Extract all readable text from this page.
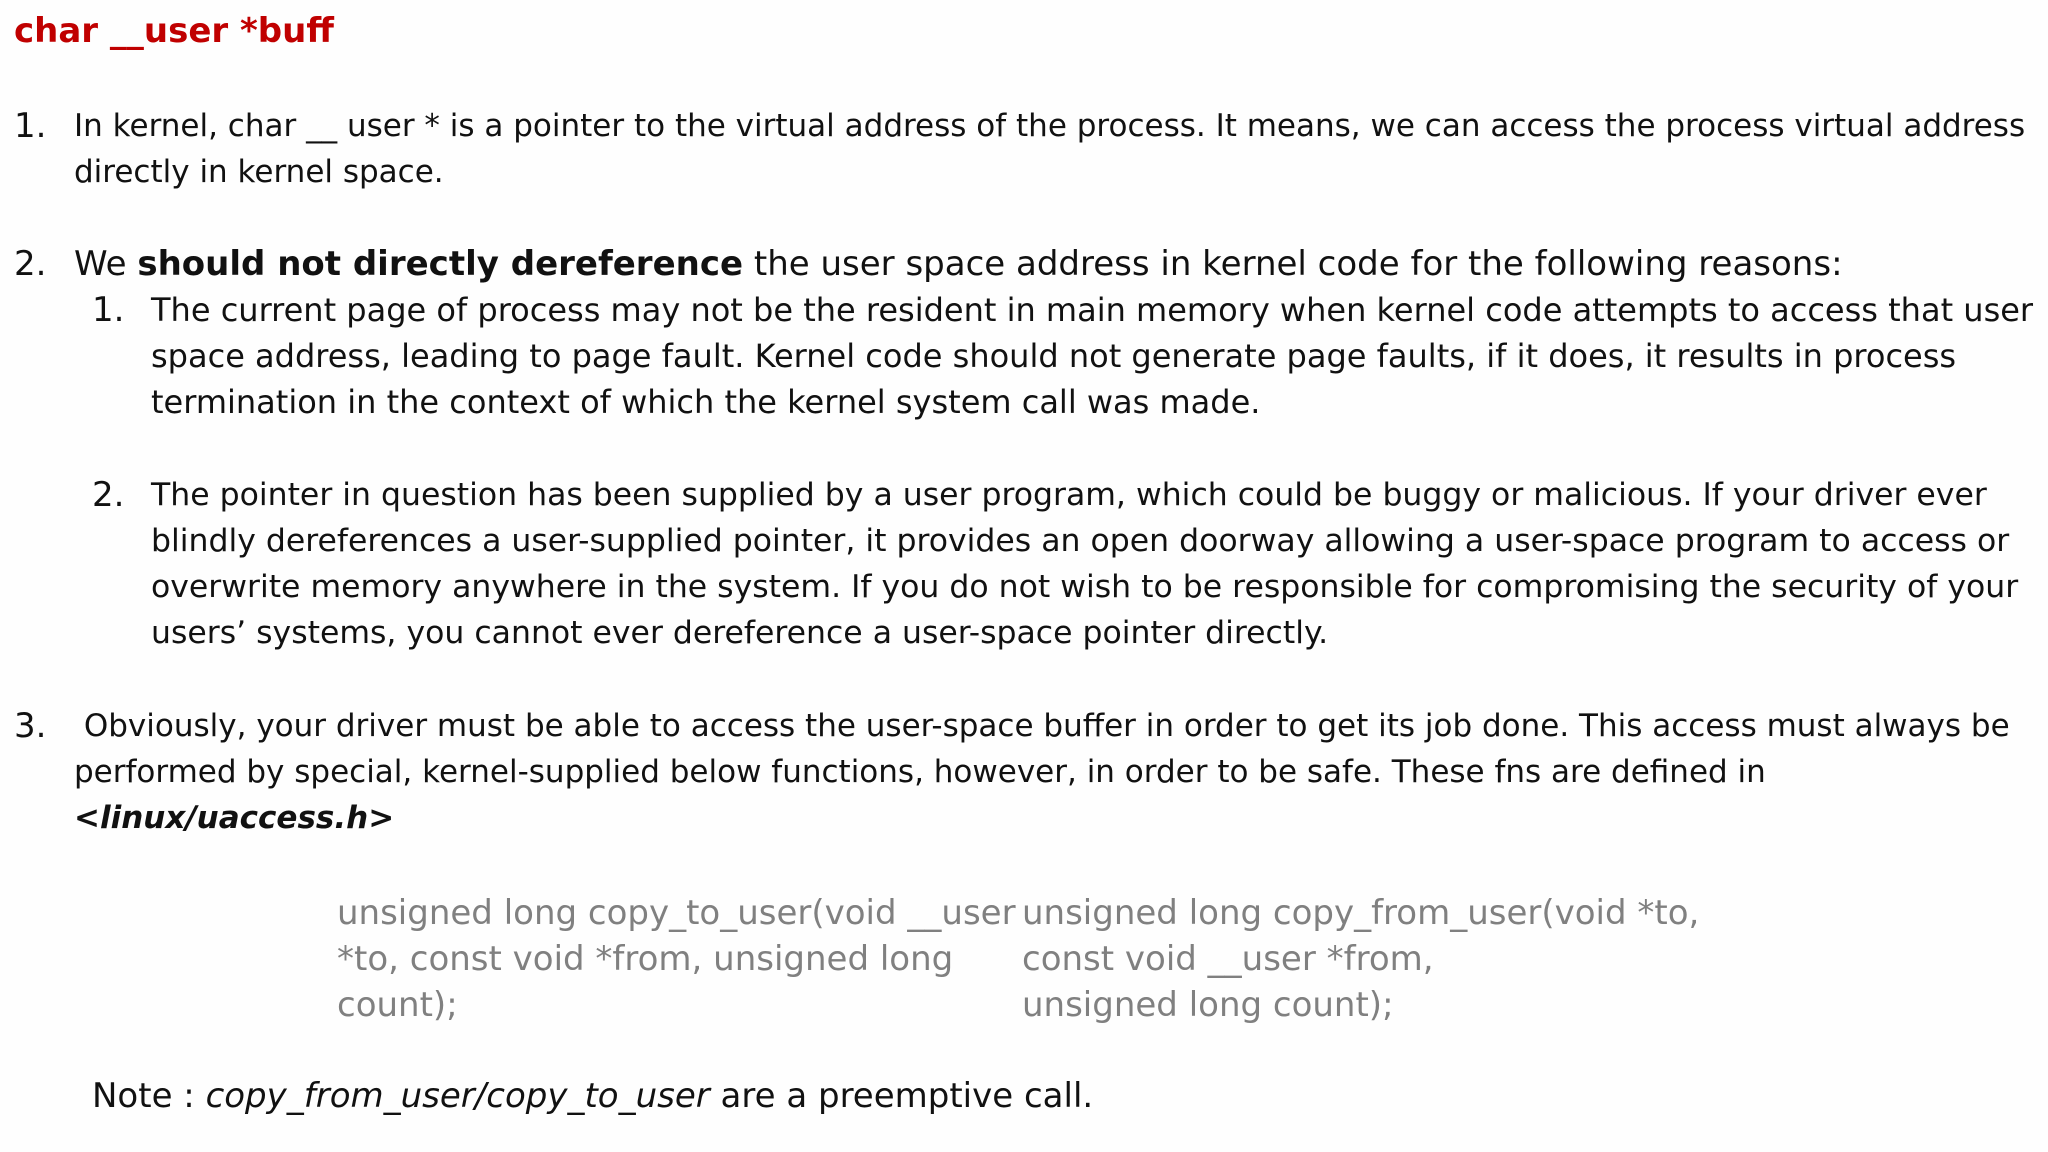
char __user *buff
1. In kernel, char __ user * is a pointer to the virtual address of the process. It means, we can access the process virtual address
directly in kernel space.
2. We should not directly dereference the user space address in kernel code for the following reasons:
1. The current page of process may not be the resident in main memory when kernel code attempts to access that user
space address, leading to page fault. Kernel code should not generate page faults, if it does, it results in process
termination in the context of which the kernel system call was made.
2. The pointer in question has been supplied by a user program, which could be buggy or malicious. If your driver ever
blindly dereferences a user-supplied pointer, it provides an open doorway allowing a user-space program to access or
overwrite memory anywhere in the system. If you do not wish to be responsible for compromising the security of your
users’ systems, you cannot ever dereference a user-space pointer directly.
3. Obviously, your driver must be able to access the user-space buffer in order to get its job done. This access must always be
performed by special, kernel-supplied below functions, however, in order to be safe. These fns are defined in
<linux/uaccess.h>
unsigned long copy_to_user(void __user
*to, const void *from, unsigned long
count);
unsigned long copy_from_user(void *to,
const void __user *from,
unsigned long count);
Note : copy_from_user/copy_to_user are a preemptive call.
